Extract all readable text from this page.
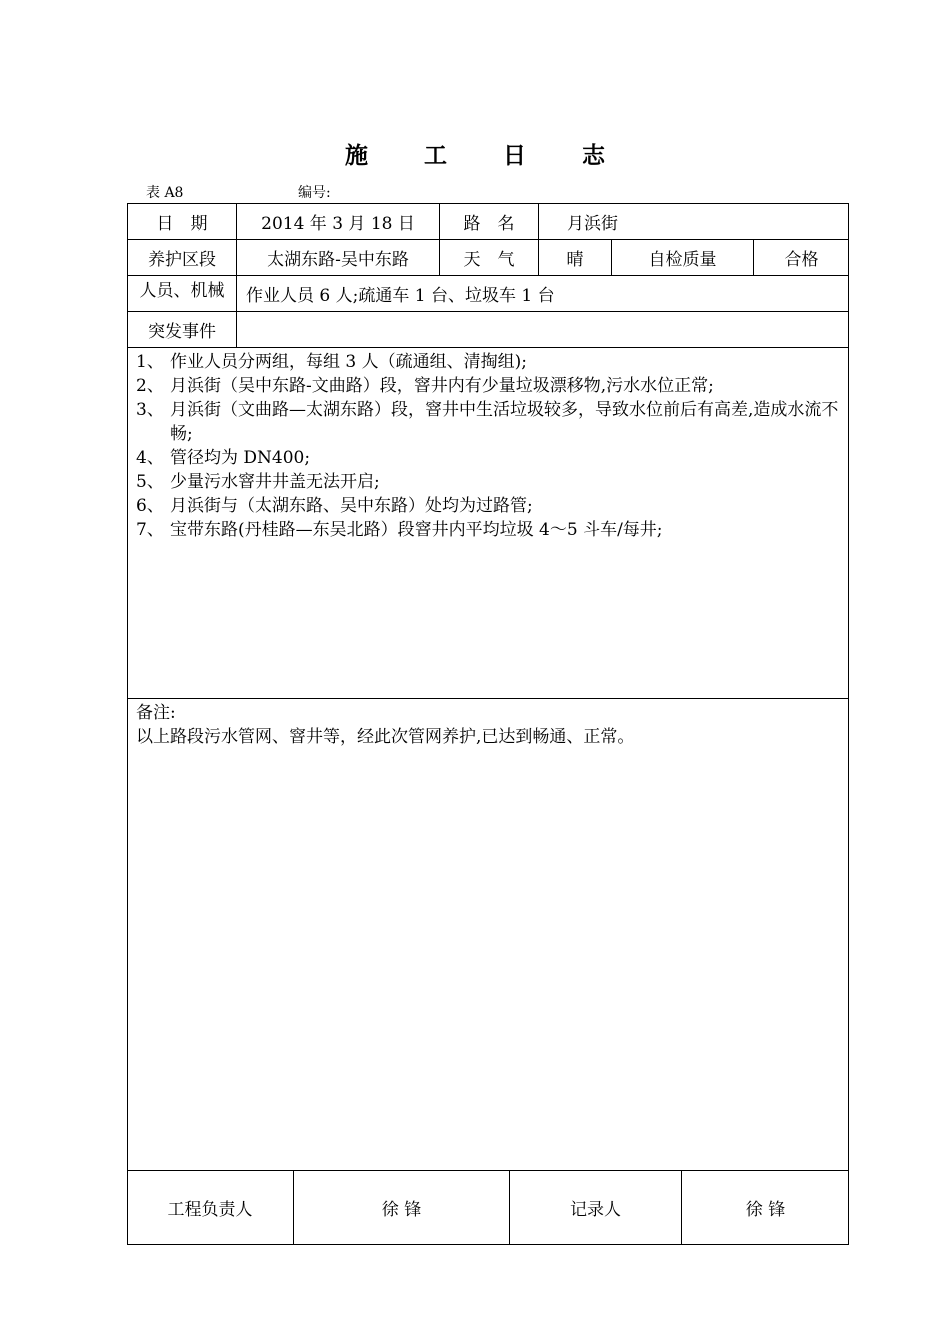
施 工 日 志
表 A8	编号:
日　期	2014 年 3 月 18 日	路　名	月浜街
养护区段	太湖东路-吴中东路	天　气	晴	自检质量	合格
人员、机械	作业人员 6 人;疏通车 1 台、垃圾车 1 台
突发事件
1、 作业人员分两组，每组 3 人（疏通组、清掏组);
2、 月浜街（吴中东路-文曲路）段，窨井内有少量垃圾漂移物,污水水位正常;
3、 月浜街（文曲路—太湖东路）段，窨井中生活垃圾较多，导致水位前后有高差,造成水流不畅;
4、 管径均为 DN400;
5、 少量污水窨井井盖无法开启;
6、 月浜街与（太湖东路、吴中东路）处均为过路管;
7、 宝带东路(丹桂路—东吴北路）段窨井内平均垃圾 4～5 斗车/每井;
备注:
以上路段污水管网、窨井等，经此次管网养护,已达到畅通、正常。
工程负责人	徐 锋	记录人	徐 锋
